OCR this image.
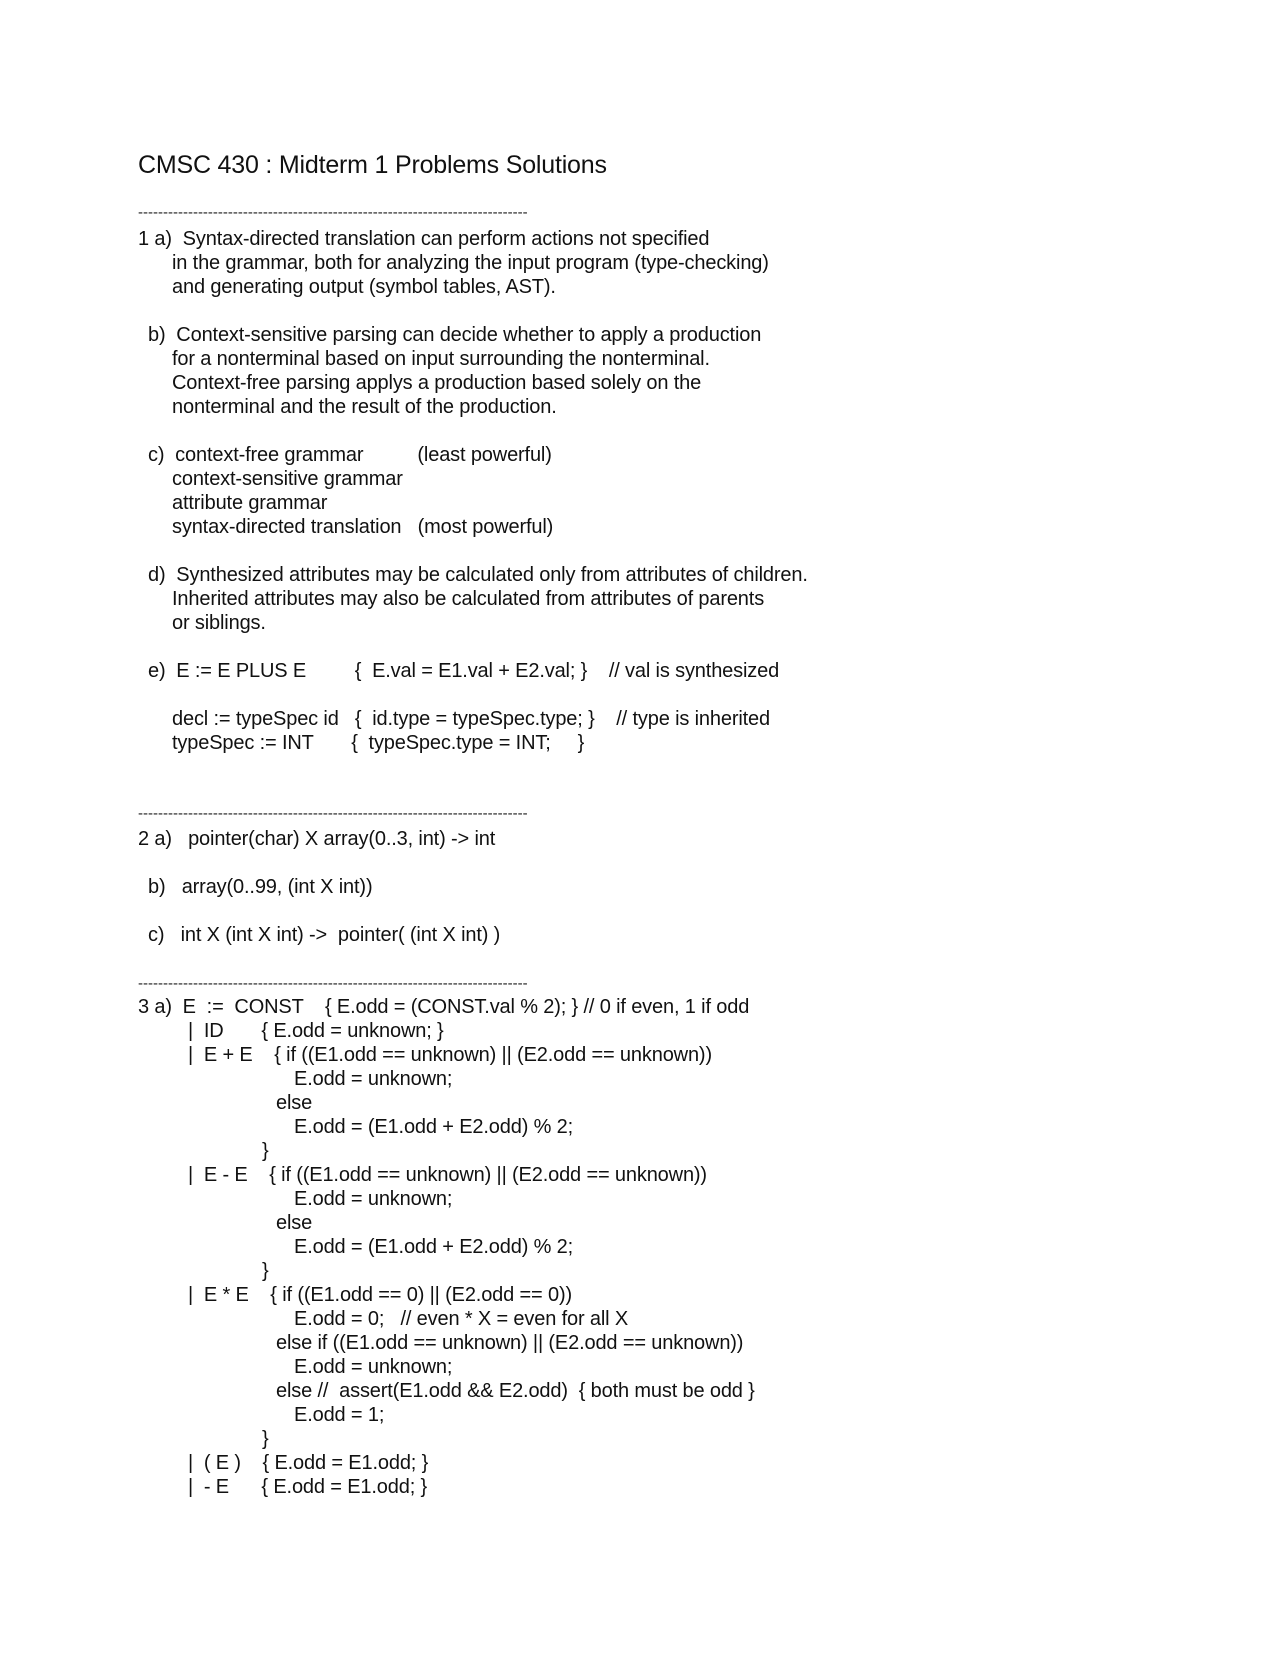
CMSC 430 : Midterm 1 Problems Solutions
------------------------------------------------------------------------------
1 a)  Syntax-directed translation can perform actions not specified
in the grammar, both for analyzing the input program (type-checking)
and generating output (symbol tables, AST).
b)  Context-sensitive parsing can decide whether to apply a production
for a nonterminal based on input surrounding the nonterminal.
Context-free parsing applys a production based solely on the
nonterminal and the result of the production.
c)  context-free grammar          (least powerful)
context-sensitive grammar
attribute grammar
syntax-directed translation   (most powerful)
d)  Synthesized attributes may be calculated only from attributes of children.
Inherited attributes may also be calculated from attributes of parents
or siblings.
e)  E := E PLUS E         {  E.val = E1.val + E2.val; }    // val is synthesized
decl := typeSpec id   {  id.type = typeSpec.type; }    // type is inherited
typeSpec := INT       {  typeSpec.type = INT;     }
------------------------------------------------------------------------------
2 a)   pointer(char) X array(0..3, int) -> int
b)   array(0..99, (int X int))
c)   int X (int X int) ->  pointer( (int X int) )
------------------------------------------------------------------------------
3 a)  E  :=  CONST    { E.odd = (CONST.val % 2); } // 0 if even, 1 if odd
|  ID       { E.odd = unknown; }
|  E + E    { if ((E1.odd == unknown) || (E2.odd == unknown))
E.odd = unknown;
else
E.odd = (E1.odd + E2.odd) % 2;
}
|  E - E    { if ((E1.odd == unknown) || (E2.odd == unknown))
E.odd = unknown;
else
E.odd = (E1.odd + E2.odd) % 2;
}
|  E * E    { if ((E1.odd == 0) || (E2.odd == 0))
E.odd = 0;   // even * X = even for all X
else if ((E1.odd == unknown) || (E2.odd == unknown))
E.odd = unknown;
else //  assert(E1.odd && E2.odd)  { both must be odd }
E.odd = 1;
}
|  ( E )    { E.odd = E1.odd; }
|  - E      { E.odd = E1.odd; }
